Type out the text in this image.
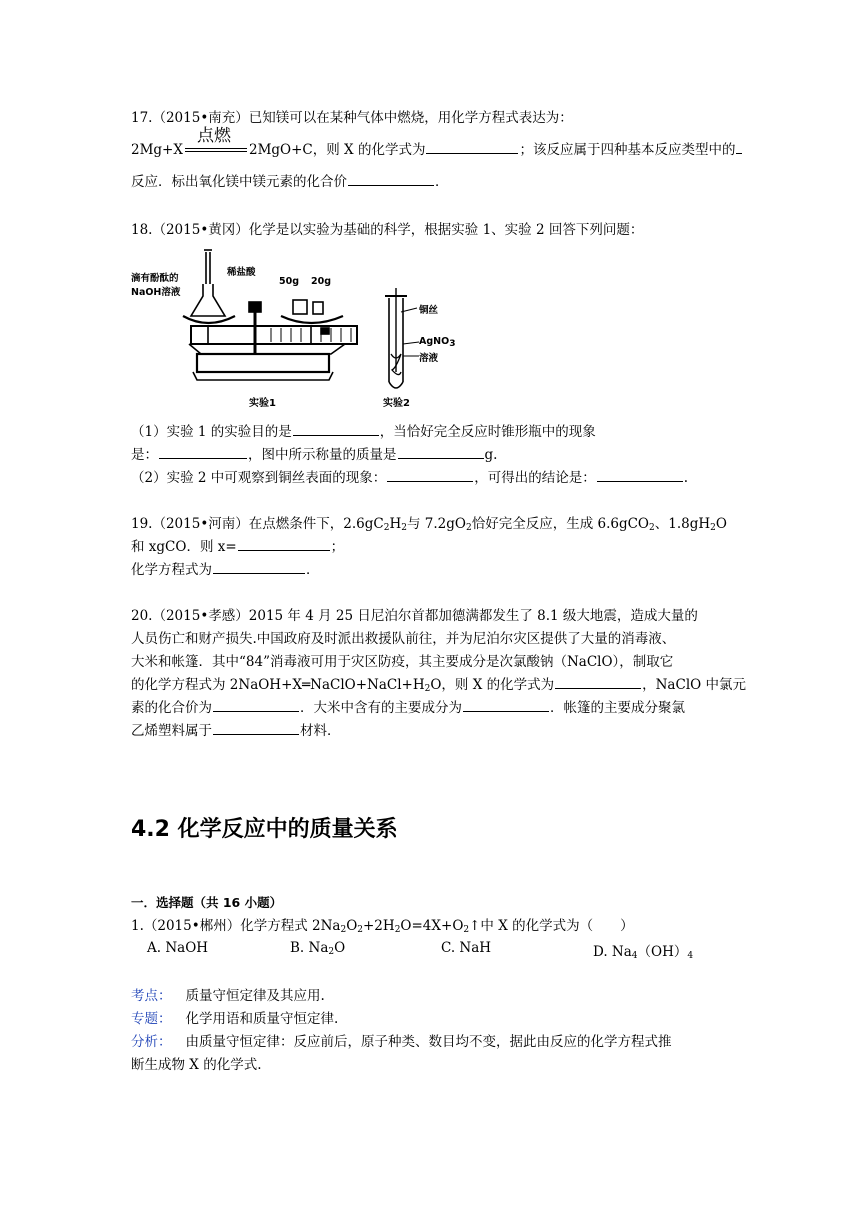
17.（2015•南充）已知镁可以在某种气体中燃烧，用化学方程式表达为：
2Mg+X
点燃
2MgO+C，则 X 的化学式为	；该反应属于四种基本反应类型中的
反应．标出氧化镁中镁元素的化合价	．
18.（2015•黄冈）化学是以实验为基础的科学，根据实验 1、实验 2 回答下列问题：
滴有酚酞的
NaOH溶液
稀盐酸
50g 20g
铜丝
AgNO$_3$
溶液
实验1	实验2
（1）实验 1 的实验目的是	，当恰好完全反应时锥形瓶中的现象
是：	，图中所示称量的质量是	g.
（2）实验 2 中可观察到铜丝表面的现象：	，可得出的结论是：	.
19.（2015•河南）在点燃条件下，$2.6gC_2H_2$与 $7.2gO_2$恰好完全反应，生成 6.6gCO$_2$、$1.8gH_2O$
和 xgCO．则 x=	；
化学方程式为	．
20.（2015•孝感）2015 年 4 月 25 日尼泊尔首都加德满都发生了 8.1 级大地震，造成大量的
人员伤亡和财产损失.中国政府及时派出救援队前往，并为尼泊尔灾区提供了大量的消毒液、
大米和帐篷．其中“84”消毒液可用于灾区防疫，其主要成分是次氯酸钠（NaClO），制取它
的化学方程式为 $2NaOH+X═NaClO+NaCl+H_2O$，则 X 的化学式为	，NaClO 中氯元
素的化合价为	．大米中含有的主要成分为	．帐篷的主要成分聚氯
乙烯塑料属于	材料．
4.2 化学反应中的质量关系
一．选择题（共 16 小题）
1.（2015•郴州）化学方程式 $2Na_2O_2+2H_2O=4X+O_2↑$中 X 的化学式为（　　）
A. NaOH	B. $Na_2O$	C. NaH	D. $Na_4(OH)_4$
考点： 质量守恒定律及其应用.
专题： 化学用语和质量守恒定律.
分析： 由质量守恒定律：反应前后，原子种类、数目均不变，据此由反应的化学方程式推
断生成物 X 的化学式.
